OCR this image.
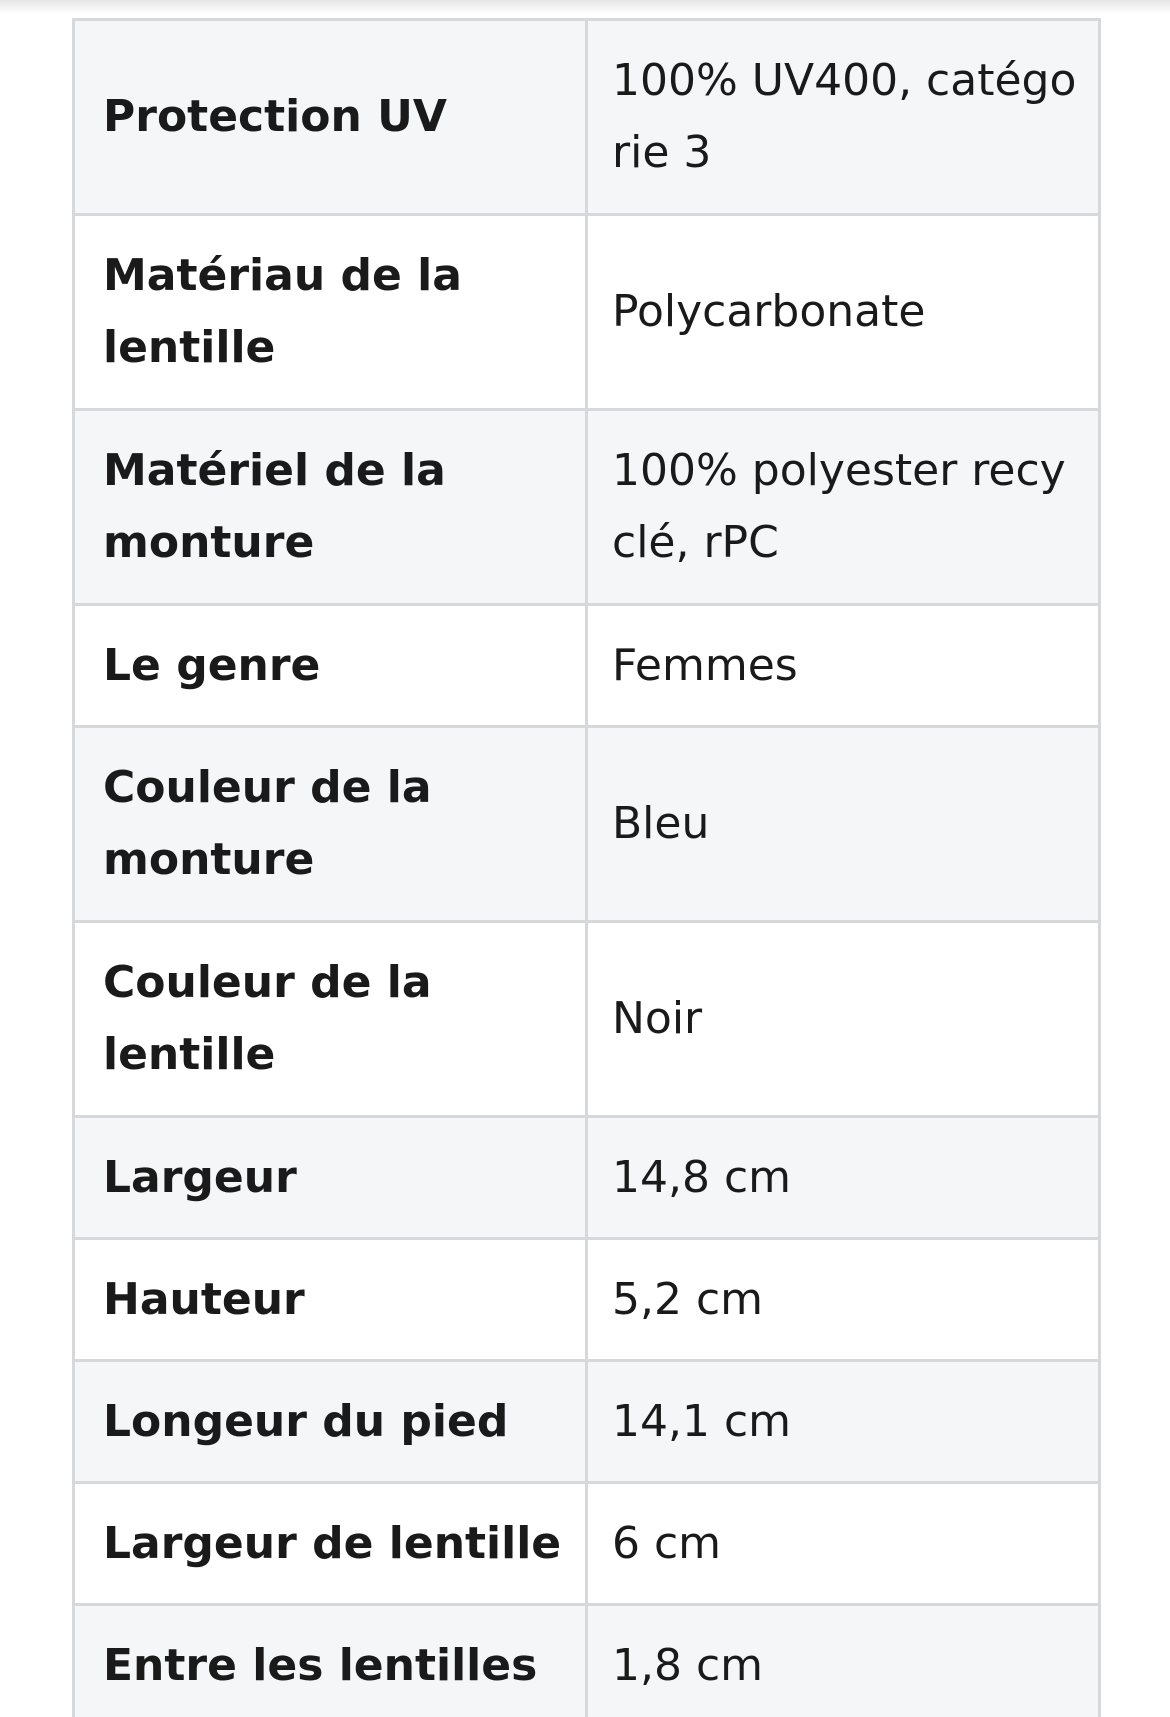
Protection UV	100% UV400, catégorie 3
Matériau de la lentille	Polycarbonate
Matériel de la monture	100% polyester recyclé, rPC
Le genre	Femmes
Couleur de la monture	Bleu
Couleur de la lentille	Noir
Largeur	14,8 cm
Hauteur	5,2 cm
Longeur du pied	14,1 cm
Largeur de lentille	6 cm
Entre les lentilles	1,8 cm
